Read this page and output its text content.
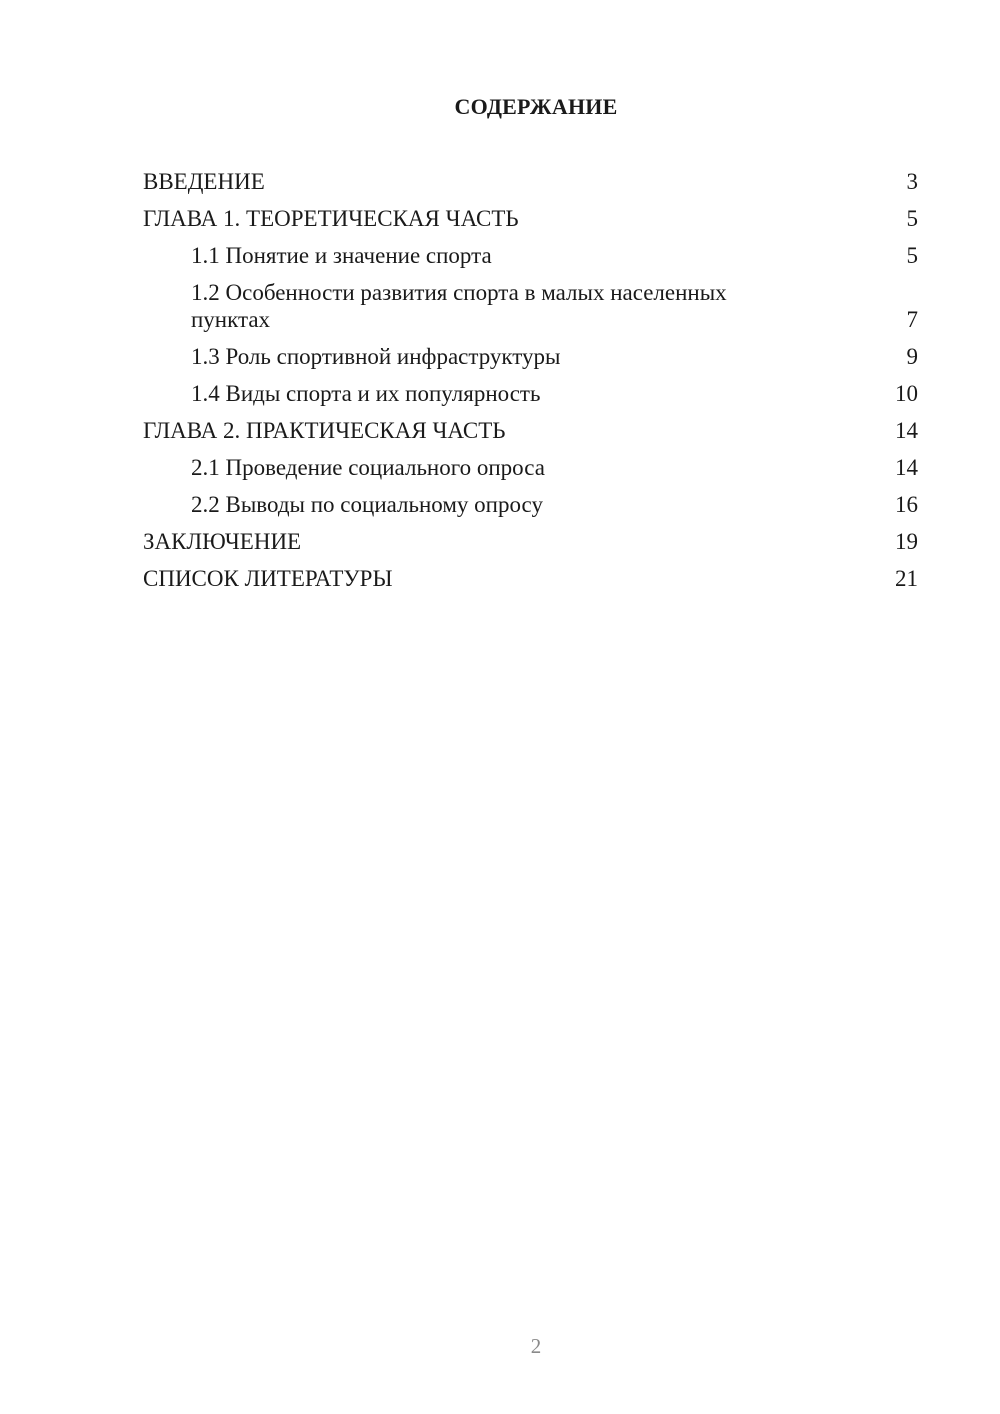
СОДЕРЖАНИЕ
ВВЕДЕНИЕ	3
ГЛАВА 1. ТЕОРЕТИЧЕСКАЯ ЧАСТЬ	5
1.1 Понятие и значение спорта	5
1.2 Особенности развития спорта в малых населенных пунктах	7
1.3 Роль спортивной инфраструктуры	9
1.4 Виды спорта и их популярность	10
ГЛАВА 2. ПРАКТИЧЕСКАЯ ЧАСТЬ	14
2.1 Проведение социального опроса	14
2.2 Выводы по социальному опросу	16
ЗАКЛЮЧЕНИЕ	19
СПИСОК ЛИТЕРАТУРЫ	21
2
